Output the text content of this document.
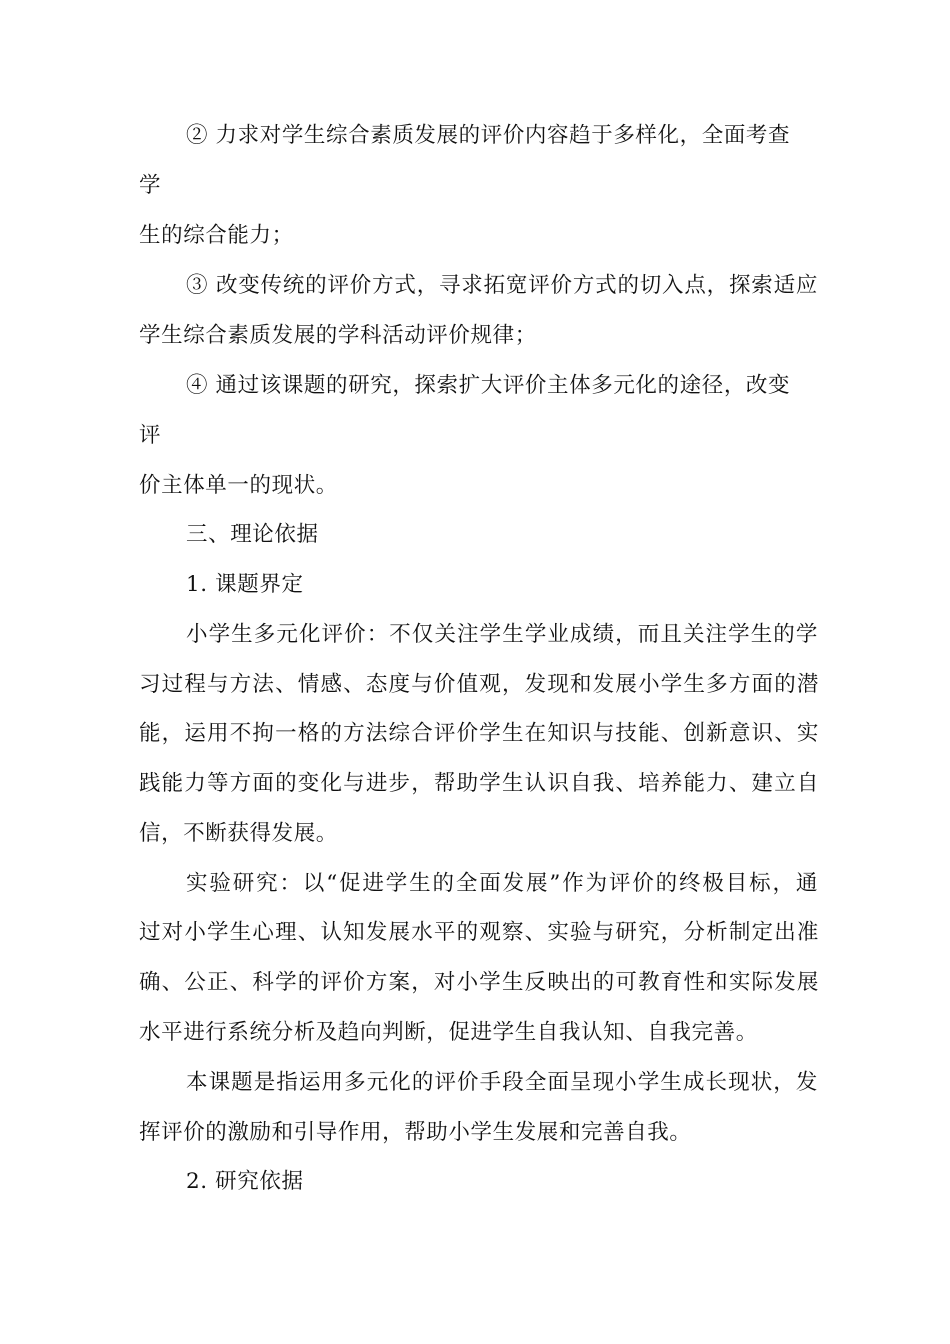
② 力求对学生综合素质发展的评价内容趋于多样化，全面考查
学
生的综合能力；
③ 改变传统的评价方式，寻求拓宽评价方式的切入点，探索适应
学生综合素质发展的学科活动评价规律；
④ 通过该课题的研究，探索扩大评价主体多元化的途径，改变
评
价主体单一的现状。
三、理论依据
1. 课题界定
小学生多元化评价：不仅关注学生学业成绩，而且关注学生的学
习过程与方法、情感、态度与价值观，发现和发展小学生多方面的潜
能，运用不拘一格的方法综合评价学生在知识与技能、创新意识、实
践能力等方面的变化与进步，帮助学生认识自我、培养能力、建立自
信，不断获得发展。
实验研究：以“促进学生的全面发展”作为评价的终极目标，通
过对小学生心理、认知发展水平的观察、实验与研究，分析制定出准
确、公正、科学的评价方案，对小学生反映出的可教育性和实际发展
水平进行系统分析及趋向判断，促进学生自我认知、自我完善。
本课题是指运用多元化的评价手段全面呈现小学生成长现状，发
挥评价的激励和引导作用，帮助小学生发展和完善自我。
2. 研究依据
